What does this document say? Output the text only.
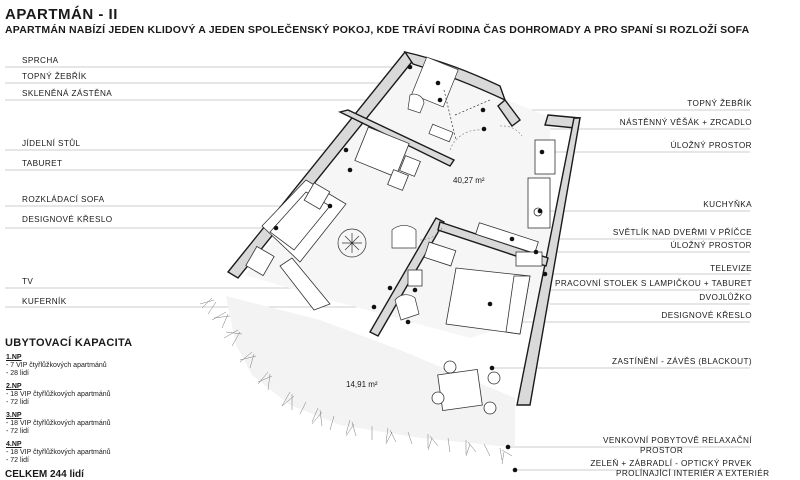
APARTMÁN - II
APARTMÁN NABÍZÍ JEDEN KLIDOVÝ A JEDEN SPOLEČENSKÝ POKOJ, KDE TRÁVÍ RODINA ČAS DOHROMADY A PRO SPANÍ SI ROZLOŽÍ SOFA
SPRCHA
TOPNÝ ŽEBŘÍK
SKLENĚNÁ ZÁSTĚNA
JÍDELNÍ STŮL
TABURET
ROZKLÁDACÍ SOFA
DESIGNOVÉ KŘESLO
TV
KUFERNÍK
TOPNÝ ŽEBŘÍK
NÁSTĚNNÝ VĚŠÁK + ZRCADLO
ÚLOŽNÝ PROSTOR
KUCHYŇKA
SVĚTLÍK NAD DVEŘMI V PŘÍČCE
ÚLOŽNÝ PROSTOR
TELEVIZE
PRACOVNÍ STOLEK S LAMPIČKOU + TABURET
DVOJLŮŽKO
DESIGNOVÉ KŘESLO
ZASTÍNĚNÍ - ZÁVĚS (BLACKOUT)
VENKOVNÍ POBYTOVĚ RELAXAČNÍ
PROSTOR
ZELEŇ + ZÁBRADLÍ - OPTICKÝ PRVEK
PROLÍNAJÍCÍ INTERIÉR A EXTERIÉR
40,27 m²
14,91 m²
UBYTOVACÍ KAPACITA
1.NP
- 7 VIP čtyřlůžkových apartmánů
- 28 lidí
2.NP
- 18 VIP čtyřlůžkových apartmánů
- 72 lidí
3.NP
- 18 VIP čtyřlůžkových apartmánů
- 72 lidí
4.NP
- 18 VIP čtyřlůžkových apartmánů
- 72 lidí
CELKEM 244 lidí
